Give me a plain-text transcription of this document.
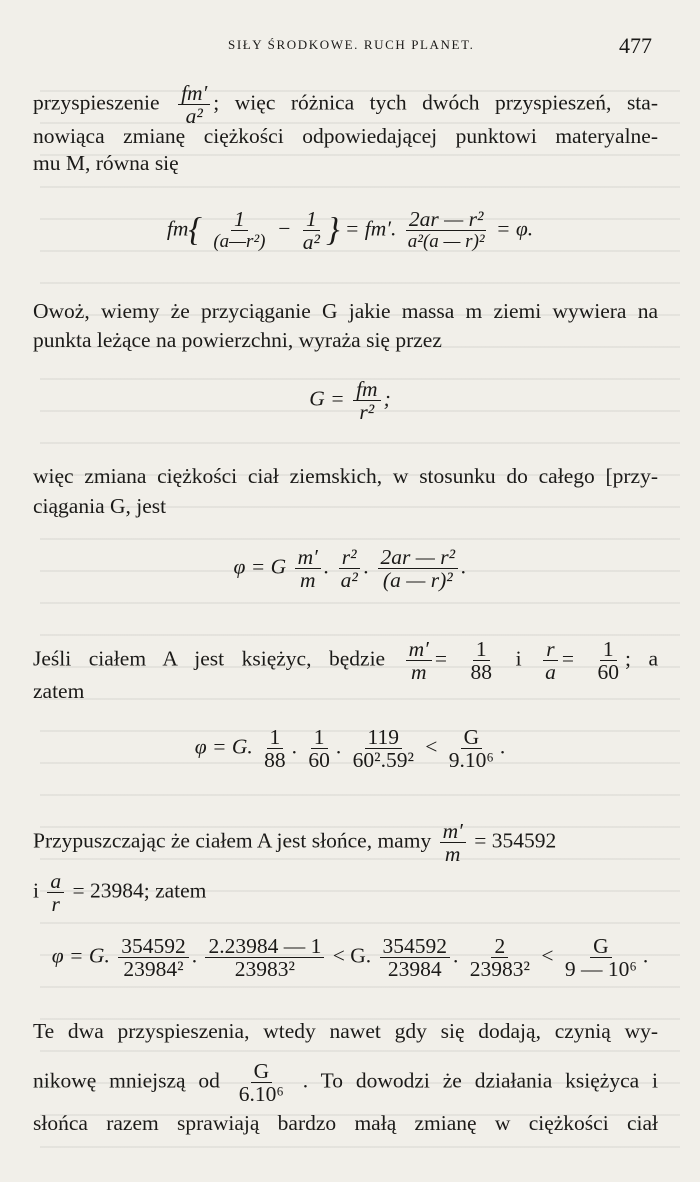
SIŁY ŚRODKOWE. RUCH PLANET.	477
przyspieszenie $\frac{fm'}{\text{a²}}$ ; więc różnica tych dwóch przyspieszeń, sta-
nowiąca zmianę ciężkości odpowiedającej punktowi materyalne-
mu M, równa się
$fm\{ \frac{1}{\text{(a—r²)}} - \frac{1}{\text{a²}}$ } = fm′. $\frac{\text{2ar — r²}}{\text{a²(a — r)²}} = \varphi$.
Owoż, wiemy że przyciąganie G jakie massa m ziemi wywiera na
punkta leżące na powierzchni, wyraża się przez
$G = \frac{fm}{\text{r²}}$ ;
więc zmiana ciężkości ciał ziemskich, w stosunku do całego [przy-
ciągania G, jest
φ = G $\frac{m'}{m}$ . $\frac{\text{r²}}{\text{a²}}$ . $\frac{\text{2ar — r²}}{\text{(a — r)²}}$ .
Jeśli ciałem A jest księżyc, będzie $\frac{m'}{m} = \frac{1}{88}$ i $\frac{r}{a} = \frac{1}{60}$ ; a
zatem
φ = G. $\frac{1}{88}$ . $\frac{1}{60}$ . $\frac{119}{\text{60².59²}} < \frac{G}{\text{9.10⁶}}$ .
Przypuszczając że ciałem A jest słońce, mamy $\frac{m'}{m} = 354592$
i $\frac{a}{r} = 23984$; zatem
φ = G. $\frac{354592}{\text{23984²}}$ . $\frac{2.23984 — 1}{\text{23983²}} < G$. $\frac{354592}{23984}$ . $\frac{2}{\text{23983²}} < \frac{G}{\text{9 — 10⁶}}$ .
Te dwa przyspieszenia, wtedy nawet gdy się dodają, czynią wy-
nikowę mniejszą od $\frac{G}{\text{6.10⁶}}$ . To dowodzi że działania księżyca i
słońca razem sprawiają bardzo małą zmianę w ciężkości ciał
